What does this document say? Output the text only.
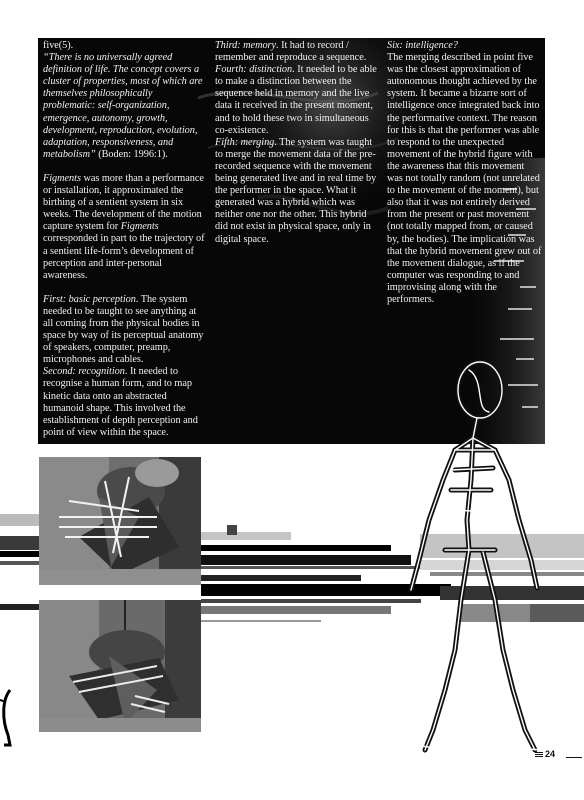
five(5).
“There is no universally agreed definition of life. The concept covers a cluster of properties, most of which are themselves philosophically problematic: self-organization, emergence, autonomy, growth, development, reproduction, evolution, adaptation, responsiveness, and metabolism” (Boden: 1996:1).

Figments was more than a performance or installation, it approximated the birthing of a sentient system in six weeks. The development of the motion capture system for Figments corresponded in part to the trajectory of a sentient life-form’s development of perception and inter-personal awareness.

First: basic perception. The system needed to be taught to see anything at all coming from the physical bodies in space by way of its perceptual anatomy of speakers, computer, preamp, microphones and cables.
Second: recognition. It needed to recognise a human form, and to map kinetic data onto an abstracted humanoid shape. This involved the establishment of depth perception and point of view within the space.

Third: memory. It had to record / remember and reproduce a sequence.
Fourth: distinction. It needed to be able to make a distinction between the sequence held in memory and the live data it received in the present moment, and to hold these two in simultaneous co-existence.
Fifth: merging. The system was taught to merge the movement data of the pre-recorded sequence with the movement being generated live and in real time by the performer in the space. What it generated was a hybrid which was neither one nor the other. This hybrid did not exist in physical space, only in digital space.

Six: intelligence?
The merging described in point five was the closest approximation of autonomous thought achieved by the system. It became a bizarre sort of intelligence once integrated back into the performative context. The reason for this is that the performer was able to respond to the unexpected movement of the hybrid figure with the awareness that this movement was not totally random (not unrelated to the movement of the moment), but also that it was not entirely derived from the present or past movement (not totally mapped from, or caused by, the bodies). The implication was that the hybrid movement grew out of the movement dialogue, as if the computer was responding to and improvising along with the performers.

24
